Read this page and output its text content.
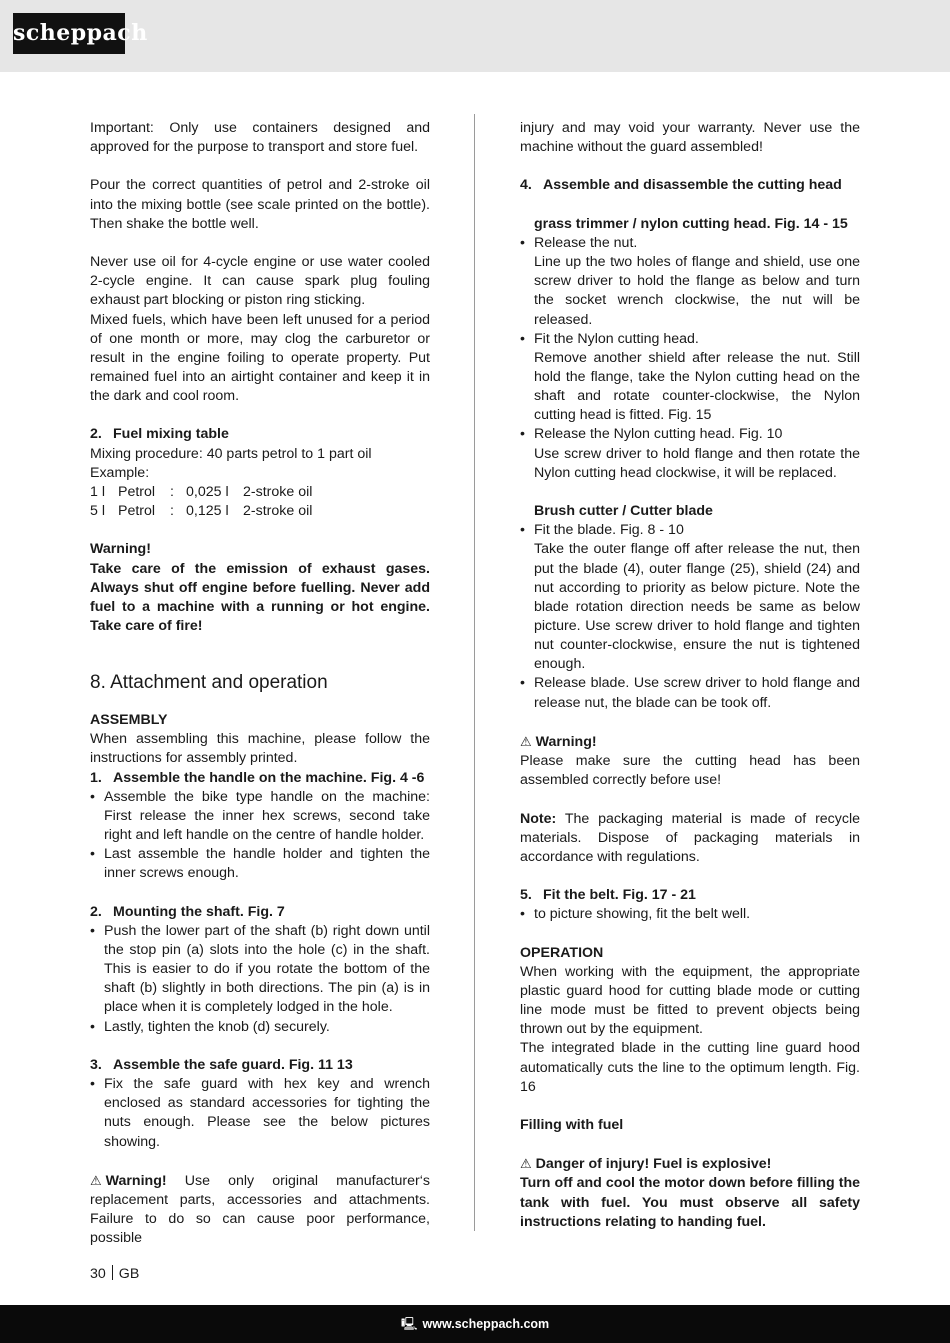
scheppach

Important: Only use containers designed and approved for the purpose to transport and store fuel.

Pour the correct quantities of petrol and 2-stroke oil into the mixing bottle (see scale printed on the bottle). Then shake the bottle well.

Never use oil for 4-cycle engine or use water cooled 2-cycle engine. It can cause spark plug fouling exhaust part blocking or piston ring sticking.

Mixed fuels, which have been left unused for a period of one month or more, may clog the carburetor or result in the engine foiling to operate property. Put remained fuel into an airtight container and keep it in the dark and cool room.

2. Fuel mixing table

Mixing procedure: 40 parts petrol to 1 part oil

Example:

1 l Petrol : 0,025 l 2-stroke oil
5 l Petrol : 0,125 l 2-stroke oil

Warning!

Take care of the emission of exhaust gases. Always shut off engine before fuelling. Never add fuel to a machine with a running or hot engine. Take care of fire!

8. Attachment and operation

ASSEMBLY

When assembling this machine, please follow the instructions for assembly printed.

1. Assemble the handle on the machine. Fig. 4 -6

• Assemble the bike type handle on the machine: First release the inner hex screws, second take right and left handle on the centre of handle holder.
• Last assemble the handle holder and tighten the inner screws enough.

2. Mounting the shaft. Fig. 7

• Push the lower part of the shaft (b) right down until the stop pin (a) slots into the hole (c) in the shaft. This is easier to do if you rotate the bottom of the shaft (b) slightly in both directions. The pin (a) is in place when it is completely lodged in the hole.
• Lastly, tighten the knob (d) securely.

3. Assemble the safe guard. Fig. 11 13

• Fix the safe guard with hex key and wrench enclosed as standard accessories for tighting the nuts enough. Please see the below pictures showing.

⚠ Warning! Use only original manufacturer‘s replacement parts, accessories and attachments. Failure to do so can cause poor performance, possible

injury and may void your warranty. Never use the machine without the guard assembled!

4. Assemble and disassemble the cutting head

grass trimmer / nylon cutting head. Fig. 14 - 15

• Release the nut.
Line up the two holes of flange and shield, use one screw driver to hold the flange as below and turn the socket wrench clockwise, the nut will be released.
• Fit the Nylon cutting head.
Remove another shield after release the nut. Still hold the flange, take the Nylon cutting head on the shaft and rotate counter-clockwise, the Nylon cutting head is fitted. Fig. 15
• Release the Nylon cutting head. Fig. 10
Use screw driver to hold flange and then rotate the Nylon cutting head clockwise, it will be replaced.

Brush cutter / Cutter blade

• Fit the blade. Fig. 8 - 10
Take the outer flange off after release the nut, then put the blade (4), outer flange (25), shield (24) and nut according to priority as below picture. Note the blade rotation direction needs be same as below picture. Use screw driver to hold flange and tighten nut counter-clockwise, ensure the nut is tightened enough.
• Release blade. Use screw driver to hold flange and release nut, the blade can be took off.

⚠ Warning!

Please make sure the cutting head has been assembled correctly before use!

Note: The packaging material is made of recycle materials. Dispose of packaging materials in accordance with regulations.

5. Fit the belt. Fig. 17 - 21

• to picture showing, fit the belt well.

OPERATION

When working with the equipment, the appropriate plastic guard hood for cutting blade mode or cutting line mode must be fitted to prevent objects being thrown out by the equipment.

The integrated blade in the cutting line guard hood automatically cuts the line to the optimum length. Fig. 16

Filling with fuel

⚠ Danger of injury! Fuel is explosive!

Turn off and cool the motor down before filling the tank with fuel. You must observe all safety instructions relating to handing fuel.

30 GB
🖳 www.scheppach.com
